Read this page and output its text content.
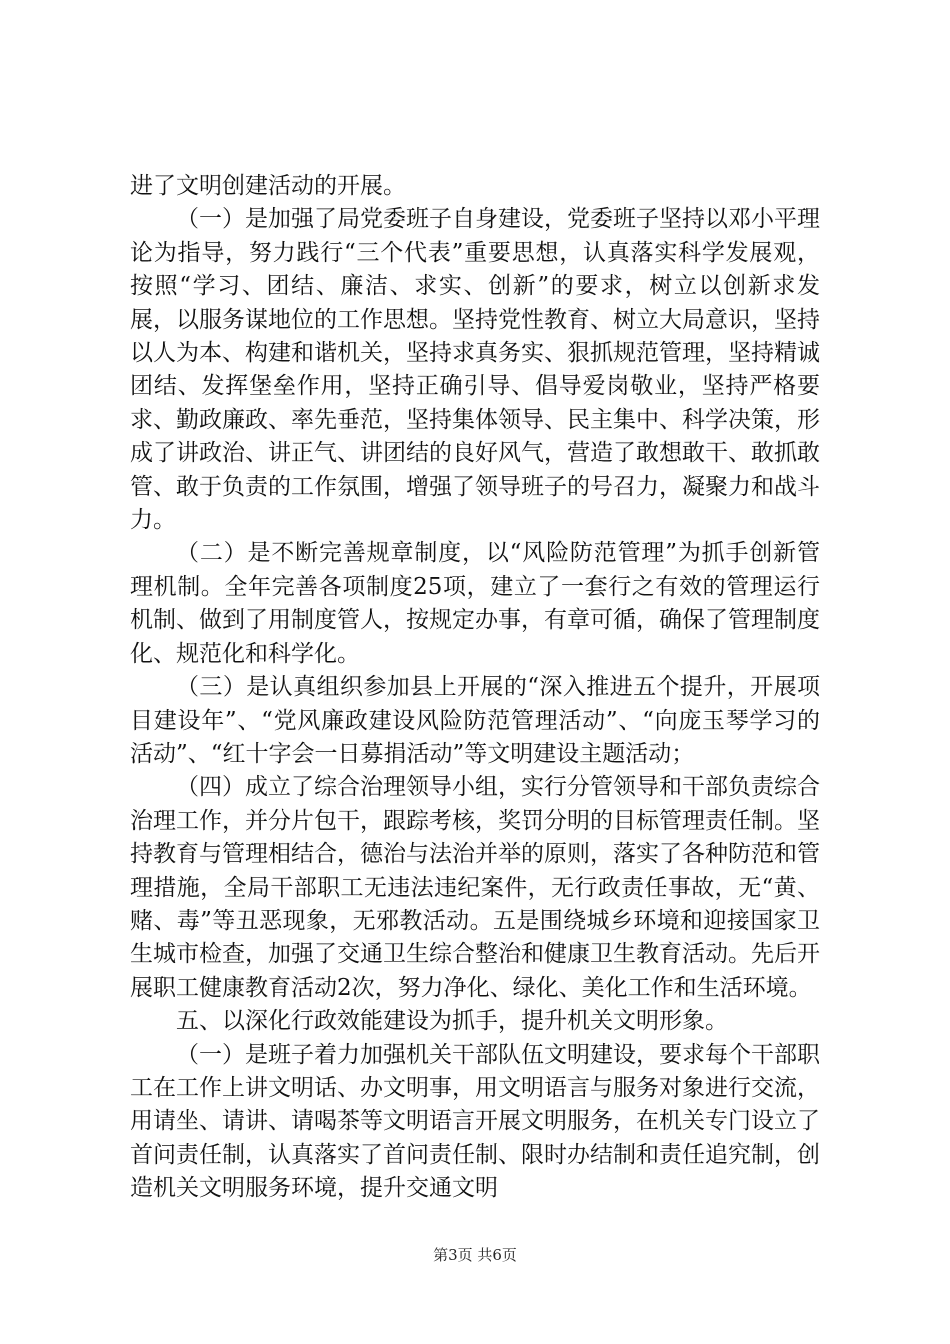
进了文明创建活动的开展。

（一）是加强了局党委班子自身建设，党委班子坚持以邓小平理论为指导，努力践行“三个代表”重要思想，认真落实科学发展观，按照“学习、团结、廉洁、求实、创新”的要求，树立以创新求发展，以服务谋地位的工作思想。坚持党性教育、树立大局意识，坚持以人为本、构建和谐机关，坚持求真务实、狠抓规范管理，坚持精诚团结、发挥堡垒作用，坚持正确引导、倡导爱岗敬业，坚持严格要求、勤政廉政、率先垂范，坚持集体领导、民主集中、科学决策，形成了讲政治、讲正气、讲团结的良好风气，营造了敢想敢干、敢抓敢管、敢于负责的工作氛围，增强了领导班子的号召力，凝聚力和战斗力。

（二）是不断完善规章制度，以“风险防范管理”为抓手创新管理机制。全年完善各项制度25项，建立了一套行之有效的管理运行机制、做到了用制度管人，按规定办事，有章可循，确保了管理制度化、规范化和科学化。

（三）是认真组织参加县上开展的“深入推进五个提升，开展项目建设年”、“党风廉政建设风险防范管理活动”、“向庞玉琴学习的活动”、“红十字会一日募捐活动”等文明建设主题活动；

（四）成立了综合治理领导小组，实行分管领导和干部负责综合治理工作，并分片包干，跟踪考核，奖罚分明的目标管理责任制。坚持教育与管理相结合，德治与法治并举的原则，落实了各种防范和管理措施，全局干部职工无违法违纪案件，无行政责任事故，无“黄、赌、毒”等丑恶现象，无邪教活动。五是围绕城乡环境和迎接国家卫生城市检查，加强了交通卫生综合整治和健康卫生教育活动。先后开展职工健康教育活动2次，努力净化、绿化、美化工作和生活环境。

五、以深化行政效能建设为抓手，提升机关文明形象。

（一）是班子着力加强机关干部队伍文明建设，要求每个干部职工在工作上讲文明话、办文明事，用文明语言与服务对象进行交流，用请坐、请讲、请喝茶等文明语言开展文明服务，在机关专门设立了首问责任制，认真落实了首问责任制、限时办结制和责任追究制，创造机关文明服务环境，提升交通文明

第3页 共6页
